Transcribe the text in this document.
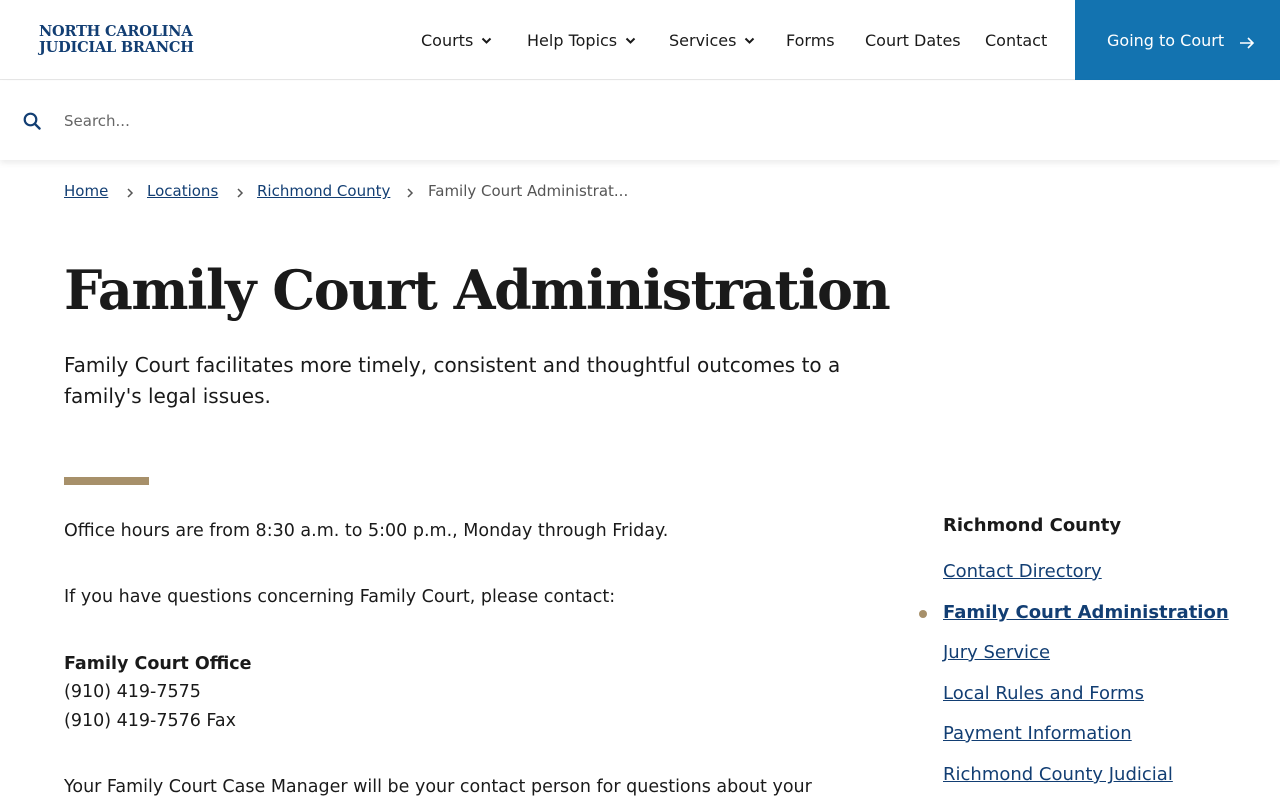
NORTH CAROLINA
JUDICIAL BRANCH	Courts	Help Topics	Services	Forms Court Dates Contact	Going to Court
Search...
Home	Locations	Richmond County	Family Court Administrat...
Family Court Administration

Family Court facilitates more timely, consistent and thoughtful outcomes to a family's legal issues.

Office hours are from 8:30 a.m. to 5:00 p.m., Monday through Friday.

If you have questions concerning Family Court, please contact:

Family Court Office

(910) 419-7575

(910) 419-7576 Fax

Your Family Court Case Manager will be your contact person for questions about your

Richmond County
Contact Directory
Family Court Administration
Jury Service
Local Rules and Forms
Payment Information
Richmond County Judicial
